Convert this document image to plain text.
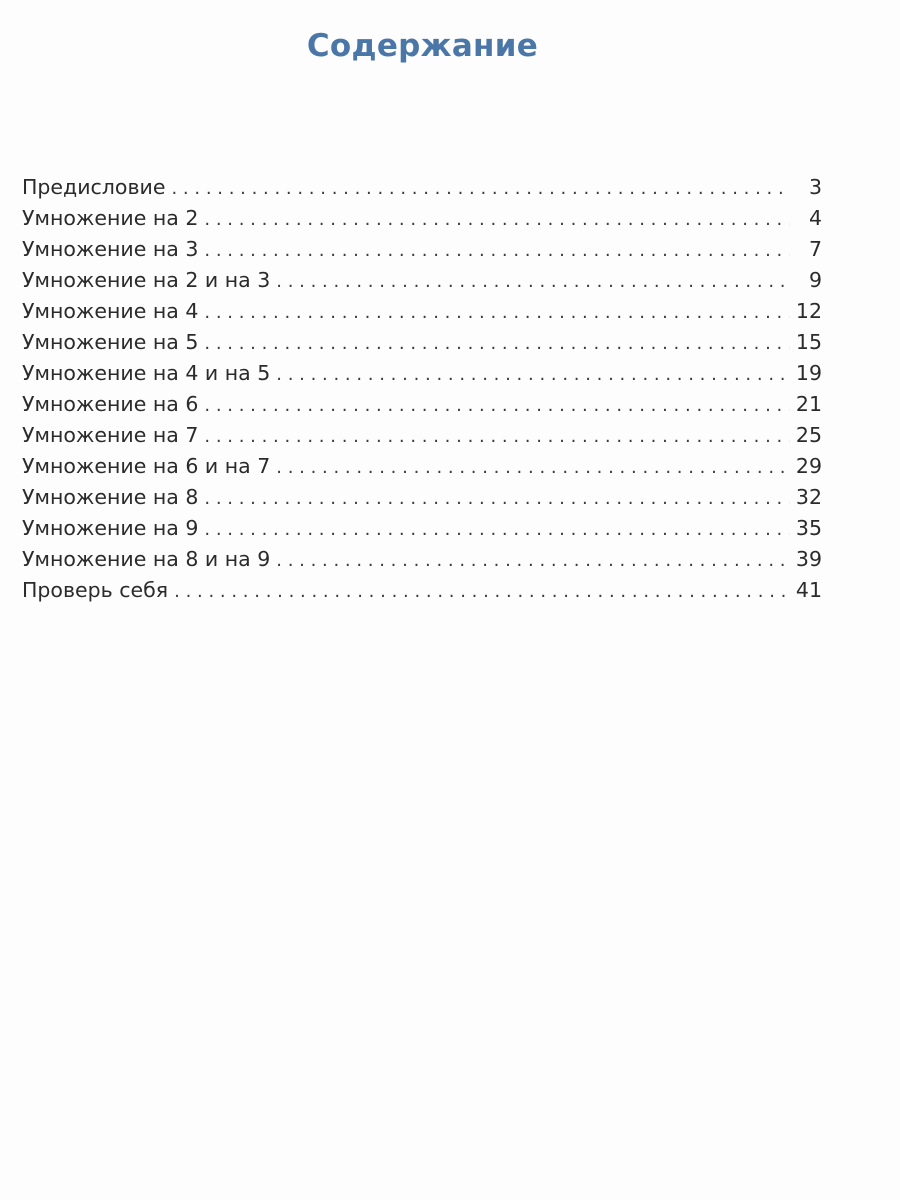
Содержание
Предисловие . . .	3
Умножение на 2 . . .	4
Умножение на 3 . . .	7
Умножение на 2 и на 3 . . .	9
Умножение на 4 . . .	12
Умножение на 5 . . .	15
Умножение на 4 и на 5 . . .	19
Умножение на 6 . . .	21
Умножение на 7 . . .	25
Умножение на 6 и на 7 . . .	29
Умножение на 8 . . .	32
Умножение на 9 . . .	35
Умножение на 8 и на 9 . . .	39
Проверь себя . . .	41
